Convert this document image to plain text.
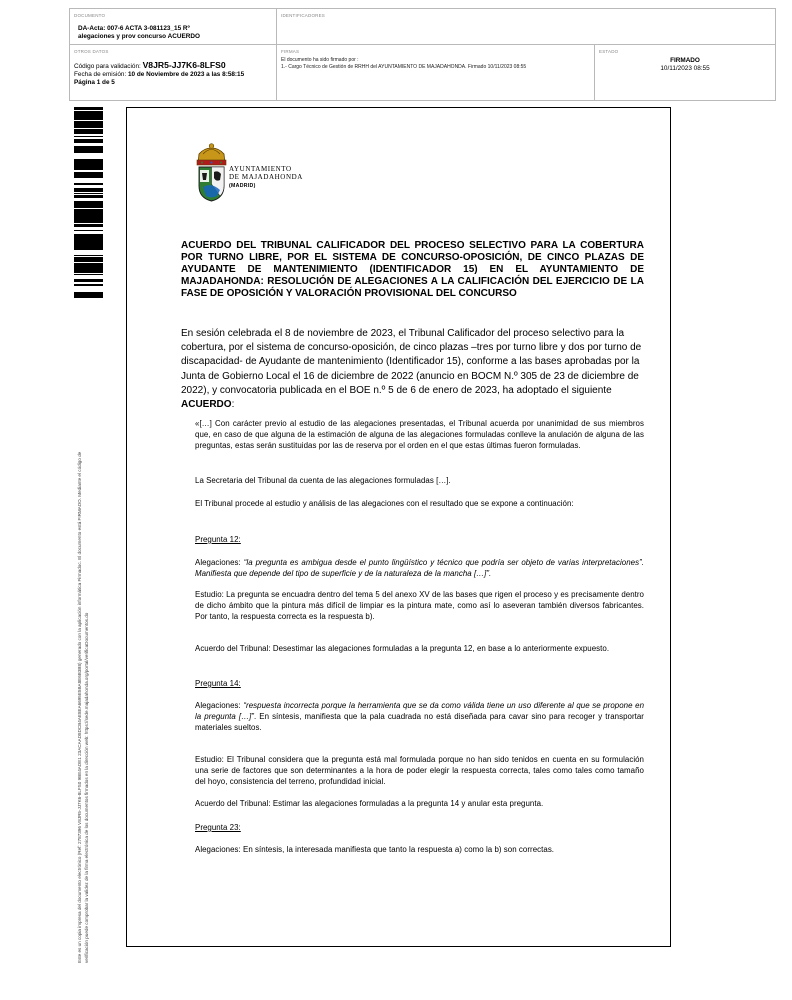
DOCUMENTO
DA-Acta: 007-6 ACTA 3-081123_15 Rº
alegaciones y prov concurso ACUERDO
IDENTIFICADORES
OTROS DATOS
Código para validación: V8JR5-JJ7K6-8LFS0
Fecha de emisión: 10 de Noviembre de 2023 a las 8:58:15
Página 1 de 5
FIRMAS
El documento ha sido firmado por :
1.- Cargo Técnico de Gestión de RRHH del AYUNTAMIENTO DE MAJADAHONDA. Firmado 10/11/2023 08:55
ESTADO
FIRMADO
10/11/2023 08:55
Este es un copia impresa del documento electrónico (Ref: 2787396 V8JR5-JJ7K6-8LFS0 9BE4ADE1 23ACAAD8DCB4AE8EA6695E5BA8E6B3B8) generado con la aplicación informática Firmadoc. El documento está FIRMADO. Mediante el código de verificación puede comprobar la validez de la firma electrónica de los documentos firmados en la dirección web: https://sede.majadahonda.org/portal/verificaDocumentos.do
AYUNTAMIENTO
DE MAJADAHONDA
(MADRID)
ACUERDO DEL TRIBUNAL CALIFICADOR DEL PROCESO SELECTIVO PARA LA COBERTURA POR TURNO LIBRE, POR EL SISTEMA DE CONCURSO-OPOSICIÓN, DE CINCO PLAZAS DE AYUDANTE DE MANTENIMIENTO (IDENTIFICADOR 15) EN EL AYUNTAMIENTO DE MAJADAHONDA: RESOLUCIÓN DE ALEGACIONES A LA CALIFICACIÓN DEL EJERCICIO DE LA FASE DE OPOSICIÓN Y VALORACIÓN PROVISIONAL DEL CONCURSO
En sesión celebrada el 8 de noviembre de 2023, el Tribunal Calificador del proceso selectivo para la cobertura, por el sistema de concurso-oposición, de cinco plazas –tres por turno libre y dos por turno de discapacidad- de Ayudante de mantenimiento (Identificador 15), conforme a las bases aprobadas por la Junta de Gobierno Local el 16 de diciembre de 2022 (anuncio en BOCM N.º 305 de 23 de diciembre de 2022), y convocatoria publicada en el BOE n.º 5 de 6 de enero de 2023, ha adoptado el siguiente ACUERDO:
«[…] Con carácter previo al estudio de las alegaciones presentadas, el Tribunal acuerda por unanimidad de sus miembros que, en caso de que alguna de la estimación de alguna de las alegaciones formuladas conlleve la anulación de alguna de las preguntas, estas serán sustituidas por las de reserva por el orden en el que estas últimas fueron formuladas.
La Secretaria del Tribunal da cuenta de las alegaciones formuladas […].
El Tribunal procede al estudio y análisis de las alegaciones con el resultado que se expone a continuación:
Pregunta 12:
Alegaciones: “la pregunta es ambigua desde el punto lingüístico y técnico que podría ser objeto de varias interpretaciones”. Manifiesta que depende del tipo de superficie y de la naturaleza de la mancha […]”.
Estudio: La pregunta se encuadra dentro del tema 5 del anexo XV de las bases que rigen el proceso y es precisamente dentro de dicho ámbito que la pintura más difícil de limpiar es la pintura mate, como así lo aseveran también diversos fabricantes. Por tanto, la respuesta correcta es la respuesta b).
Acuerdo del Tribunal: Desestimar las alegaciones formuladas a la pregunta 12, en base a lo anteriormente expuesto.
Pregunta 14:
Alegaciones: “respuesta incorrecta porque la herramienta que se da como válida tiene un uso diferente al que se propone en la pregunta […]”. En síntesis, manifiesta que la pala cuadrada no está diseñada para cavar sino para recoger y transportar materiales sueltos.
Estudio: El Tribunal considera que la pregunta está mal formulada porque no han sido tenidos en cuenta en su formulación una serie de factores que son determinantes a la hora de poder elegir la respuesta correcta, tales como tales como tamaño del hoyo, consistencia del terreno, profundidad inicial.
Acuerdo del Tribunal: Estimar las alegaciones formuladas a la pregunta 14 y anular esta pregunta.
Pregunta 23:
Alegaciones: En síntesis, la interesada manifiesta que tanto la respuesta a) como la b) son correctas.
